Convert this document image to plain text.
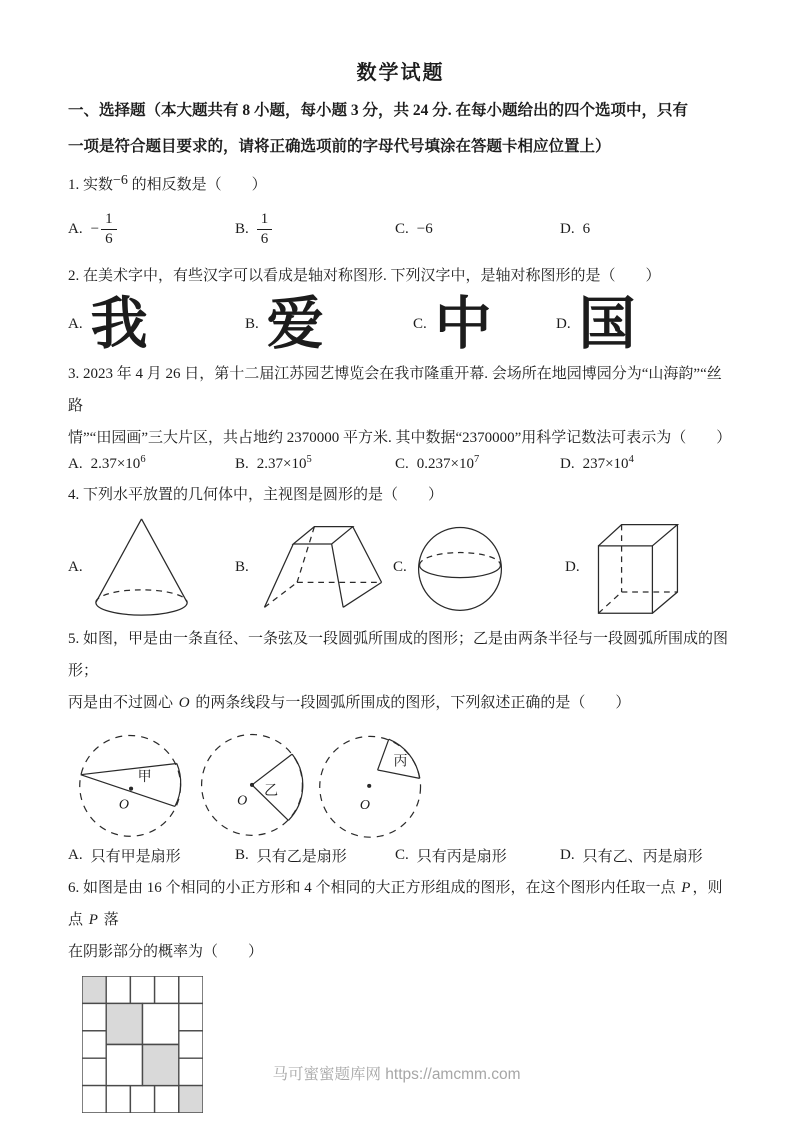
数学试题

一、选择题（本大题共有 8 小题，每小题 3 分，共 24 分. 在每小题给出的四个选项中，只有
一项是符合题目要求的，请将正确选项前的字母代号填涂在答题卡相应位置上）

1. 实数−6 的相反数是（　　）

A. − $\frac{1}{6}$	B. $\frac{1}{6}$	C. −6	D. 6

2. 在美术字中，有些汉字可以看成是轴对称图形. 下列汉字中，是轴对称图形的是（　　）

A. 我	B. 爱	C. 中	D. 国

3. 2023 年 4 月 26 日，第十二届江苏园艺博览会在我市隆重开幕. 会场所在地园博园分为“山海韵”“丝路
情”“田园画”三大片区，共占地约 2370000 平方米. 其中数据“2370000”用科学记数法可表示为（　　）

A. $2.37\times 10^6$	B. $2.37\times 10^5$	C. $0.237\times 10^7$	D. $237\times 10^4$

4. 下列水平放置的几何体中，主视图是圆形的是（　　）

A.	B.	C.	D.

5. 如图，甲是由一条直径、一条弦及一段圆弧所围成的图形；乙是由两条半径与一段圆弧所围成的图形；
丙是由不过圆心 O 的两条线段与一段圆弧所围成的图形，下列叙述正确的是（　　）

O
甲
O
乙
O
丙
A. 只有甲是扇形	B. 只有乙是扇形	C. 只有丙是扇形	D. 只有乙、丙是扇形

6. 如图是由 16 个相同的小正方形和 4 个相同的大正方形组成的图形，在这个图形内任取一点 P ，则点 P 落
在阴影部分的概率为（　　）

马可蜜蜜题库网 https://amcmm.com
